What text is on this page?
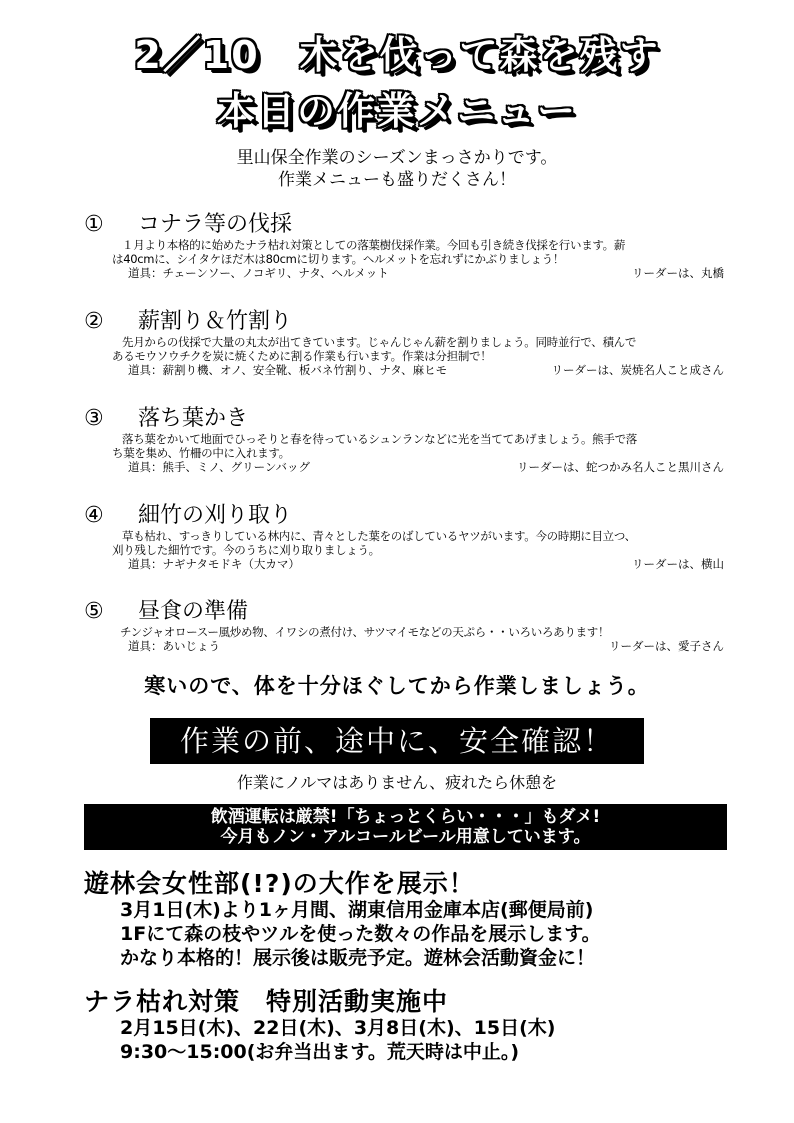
2／10　木を伐って森を残す
本日の作業メニュー
里山保全作業のシーズンまっさかりです。
作業メニューも盛りだくさん！
① コナラ等の伐採
１月より本格的に始めたナラ枯れ対策としての落葉樹伐採作業。今回も引き続き伐採を行います。薪
は40cmに、シイタケほだ木は80cmに切ります。ヘルメットを忘れずにかぶりましょう！
道具：チェーンソー、ノコギリ、ナタ、ヘルメット	リーダーは、丸橋
② 薪割り＆竹割り
先月からの伐採で大量の丸太が出てきています。じゃんじゃん薪を割りましょう。同時並行で、積んで
あるモウソウチクを炭に焼くために割る作業も行います。作業は分担制で！
道具：薪割り機、オノ、安全靴、板バネ竹割り、ナタ、麻ヒモ	リーダーは、炭焼名人こと成さん
③ 落ち葉かき
落ち葉をかいて地面でひっそりと春を待っているシュンランなどに光を当ててあげましょう。熊手で落
ち葉を集め、竹柵の中に入れます。
道具：熊手、ミノ、グリーンバッグ	リーダーは、蛇つかみ名人こと黒川さん
④ 細竹の刈り取り
草も枯れ、すっきりしている林内に、青々とした葉をのばしているヤツがいます。今の時期に目立つ、
刈り残した細竹です。今のうちに刈り取りましょう。
道具：ナギナタモドキ（大カマ）	リーダーは、横山
⑤ 昼食の準備
チンジャオロースー風炒め物、イワシの煮付け、サツマイモなどの天ぷら・・いろいろあります！
道具：あいじょう	リーダーは、愛子さん
寒いので、体を十分ほぐしてから作業しましょう。
作業の前、途中に、安全確認！
作業にノルマはありません、疲れたら休憩を
飲酒運転は厳禁!「ちょっとくらい・・・」もダメ!
今月もノン・アルコールビール用意しています。
遊林会女性部(!?)の大作を展示！
3月1日(木)より1ヶ月間、湖東信用金庫本店(郵便局前)
1Fにて森の枝やツルを使った数々の作品を展示します。
かなり本格的！展示後は販売予定。遊林会活動資金に！
ナラ枯れ対策　特別活動実施中
2月15日(木)、22日(木)、3月8日(木)、15日(木)
9:30〜15:00(お弁当出ます。荒天時は中止。)
